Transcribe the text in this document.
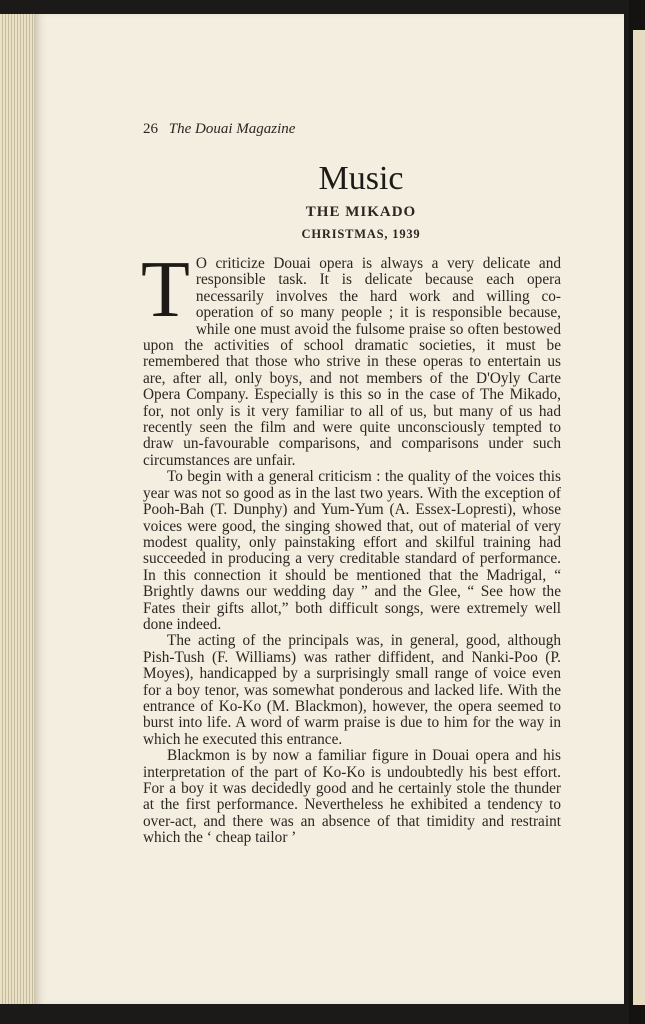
26 The Douai Magazine
Music
THE MIKADO
CHRISTMAS, 1939

T O criticize Douai opera is always a very delicate and responsible task. It is delicate because each opera necessarily involves the hard work and willing co-operation of so many people ; it is responsible because, while one must avoid the fulsome praise so often bestowed upon the activities of school dramatic societies, it must be remembered that those who strive in these operas to entertain us are, after all, only boys, and not members of the D'Oyly Carte Opera Company. Especially is this so in the case of The Mikado, for, not only is it very familiar to all of us, but many of us had recently seen the film and were quite unconsciously tempted to draw un-favourable comparisons, and comparisons under such circumstances are unfair.

To begin with a general criticism : the quality of the voices this year was not so good as in the last two years. With the exception of Pooh-Bah (T. Dunphy) and Yum-Yum (A. Essex-Lopresti), whose voices were good, the singing showed that, out of material of very modest quality, only painstaking effort and skilful training had succeeded in producing a very creditable standard of performance. In this connection it should be mentioned that the Madrigal, “ Brightly dawns our wedding day ” and the Glee, “ See how the Fates their gifts allot,” both difficult songs, were extremely well done indeed.

The acting of the principals was, in general, good, although Pish-Tush (F. Williams) was rather diffident, and Nanki-Poo (P. Moyes), handicapped by a surprisingly small range of voice even for a boy tenor, was somewhat ponderous and lacked life. With the entrance of Ko-Ko (M. Blackmon), however, the opera seemed to burst into life. A word of warm praise is due to him for the way in which he executed this entrance.

Blackmon is by now a familiar figure in Douai opera and his interpretation of the part of Ko-Ko is undoubtedly his best effort. For a boy it was decidedly good and he certainly stole the thunder at the first performance. Nevertheless he exhibited a tendency to over-act, and there was an absence of that timidity and restraint which the ‘ cheap tailor ’
